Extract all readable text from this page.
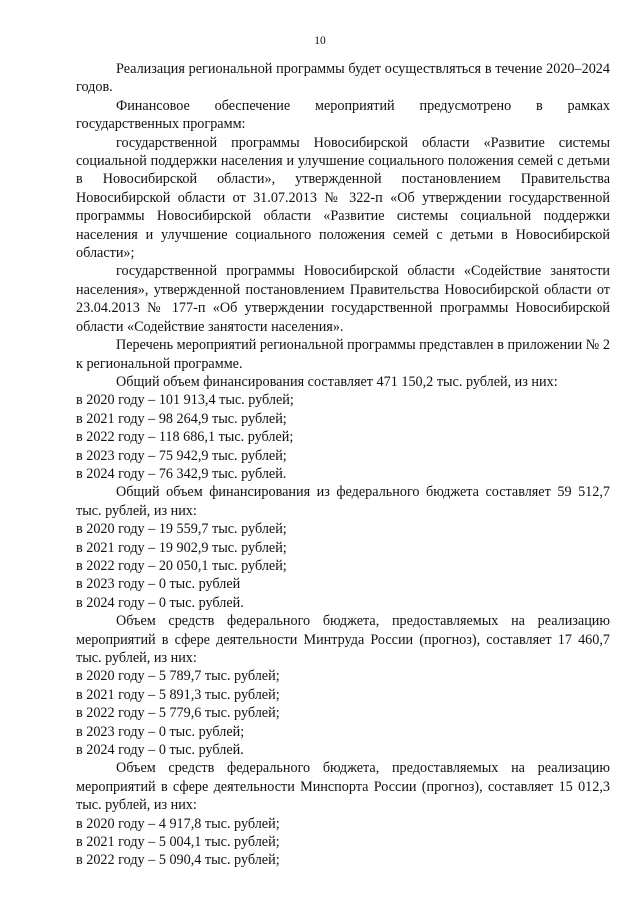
10

Реализация региональной программы будет осуществляться в течение 2020–2024 годов.

Финансовое обеспечение мероприятий предусмотрено в рамках государственных программ:

государственной программы Новосибирской области «Развитие системы социальной поддержки населения и улучшение социального положения семей с детьми в Новосибирской области», утвержденной постановлением Правительства Новосибирской области от 31.07.2013 № 322-п «Об утверждении государственной программы Новосибирской области «Развитие системы социальной поддержки населения и улучшение социального положения семей с детьми в Новосибирской области»;

государственной программы Новосибирской области «Содействие занятости населения», утвержденной постановлением Правительства Новосибирской области от 23.04.2013 № 177-п «Об утверждении государственной программы Новосибирской области «Содействие занятости населения».

Перечень мероприятий региональной программы представлен в приложении № 2 к региональной программе.

Общий объем финансирования составляет 471 150,2 тыс. рублей, из них:

в 2020 году – 101 913,4 тыс. рублей;

в 2021 году – 98 264,9 тыс. рублей;

в 2022 году – 118 686,1 тыс. рублей;

в 2023 году – 75 942,9 тыс. рублей;

в 2024 году – 76 342,9 тыс. рублей.

Общий объем финансирования из федерального бюджета составляет 59 512,7 тыс. рублей, из них:

в 2020 году – 19 559,7 тыс. рублей;

в 2021 году – 19 902,9 тыс. рублей;

в 2022 году – 20 050,1 тыс. рублей;

в 2023 году – 0 тыс. рублей

в 2024 году – 0 тыс. рублей.

Объем средств федерального бюджета, предоставляемых на реализацию мероприятий в сфере деятельности Минтруда России (прогноз), составляет 17 460,7 тыс. рублей, из них:

в 2020 году – 5 789,7 тыс. рублей;

в 2021 году – 5 891,3 тыс. рублей;

в 2022 году – 5 779,6 тыс. рублей;

в 2023 году – 0 тыс. рублей;

в 2024 году – 0 тыс. рублей.

Объем средств федерального бюджета, предоставляемых на реализацию мероприятий в сфере деятельности Минспорта России (прогноз), составляет 15 012,3 тыс. рублей, из них:

в 2020 году – 4 917,8 тыс. рублей;

в 2021 году – 5 004,1 тыс. рублей;

в 2022 году – 5 090,4 тыс. рублей;
